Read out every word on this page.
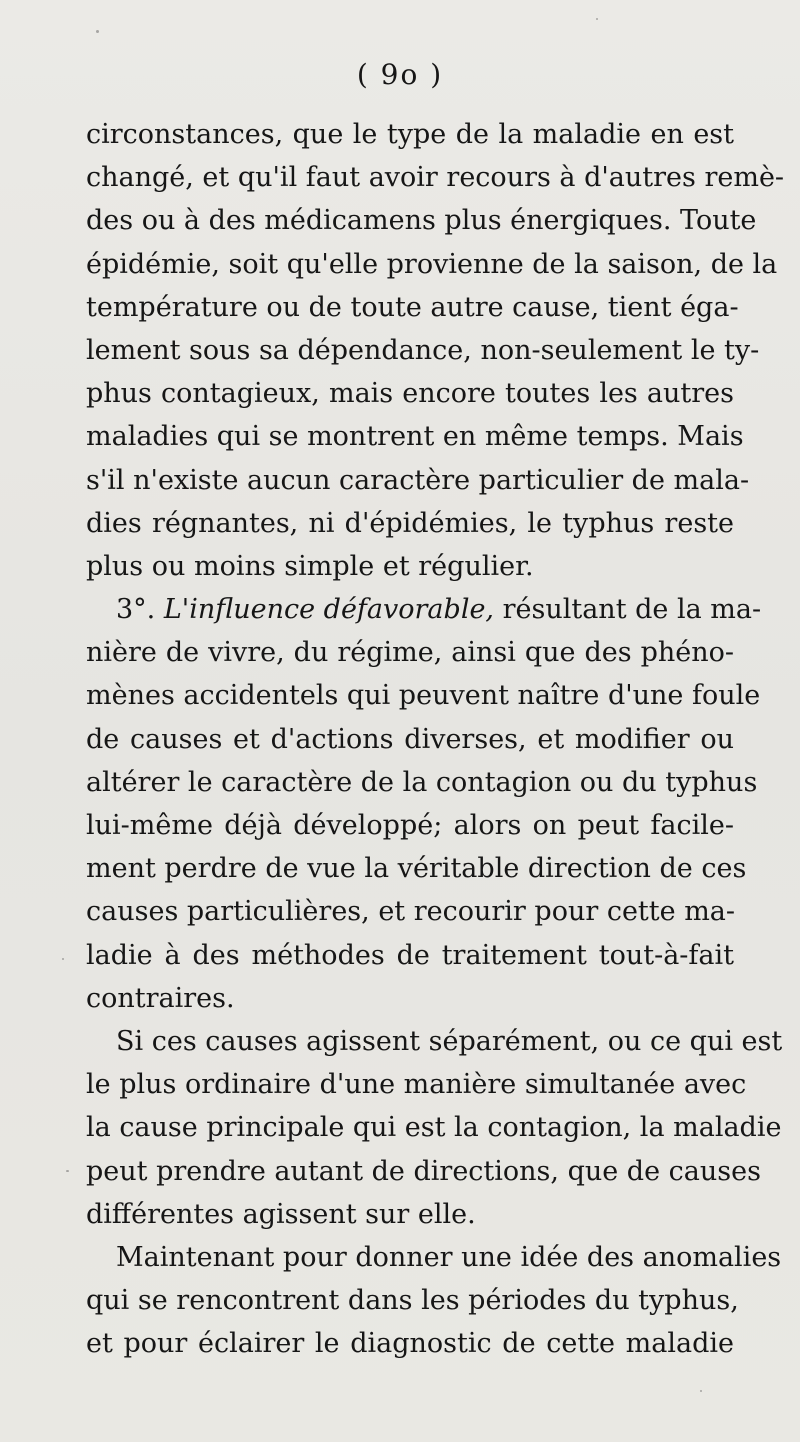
( 9o )
circonstances, que le type de la maladie en est
changé, et qu'il faut avoir recours à d'autres remè-
des ou à des médicamens plus énergiques. Toute
épidémie, soit qu'elle provienne de la saison, de la
température ou de toute autre cause, tient éga-
lement sous sa dépendance, non-seulement le ty-
phus contagieux, mais encore toutes les autres
maladies qui se montrent en même temps. Mais
s'il n'existe aucun caractère particulier de mala-
dies régnantes, ni d'épidémies, le typhus reste
plus ou moins simple et régulier.
3°. L'influence défavorable, résultant de la ma-
nière de vivre, du régime, ainsi que des phéno-
mènes accidentels qui peuvent naître d'une foule
de causes et d'actions diverses, et modifier ou
altérer le caractère de la contagion ou du typhus
lui-même déjà développé; alors on peut facile-
ment perdre de vue la véritable direction de ces
causes particulières, et recourir pour cette ma-
ladie à des méthodes de traitement tout-à-fait
contraires.
Si ces causes agissent séparément, ou ce qui est
le plus ordinaire d'une manière simultanée avec
la cause principale qui est la contagion, la maladie
peut prendre autant de directions, que de causes
différentes agissent sur elle.
Maintenant pour donner une idée des anomalies
qui se rencontrent dans les périodes du typhus,
et pour éclairer le diagnostic de cette maladie
